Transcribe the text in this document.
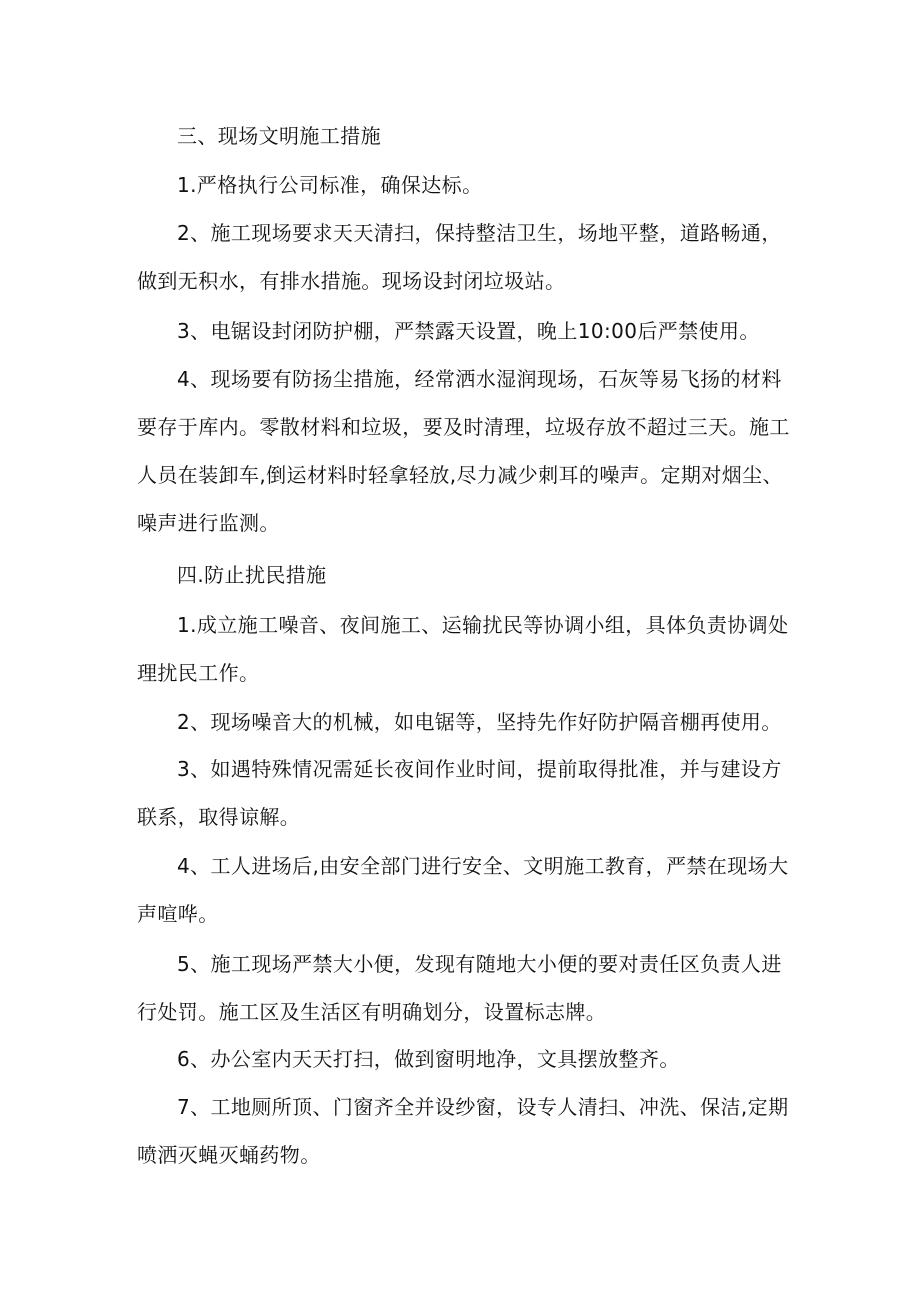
三、现场文明施工措施

1.严格执行公司标准，确保达标。

2、施工现场要求天天清扫，保持整洁卫生，场地平整，道路畅通，做到无积水，有排水措施。现场设封闭垃圾站。

3、电锯设封闭防护棚，严禁露天设置，晚上10:00后严禁使用。

4、现场要有防扬尘措施，经常洒水湿润现场，石灰等易飞扬的材料要存于库内。零散材料和垃圾，要及时清理，垃圾存放不超过三天。施工人员在装卸车,倒运材料时轻拿轻放,尽力减少刺耳的噪声。定期对烟尘、噪声进行监测。

四.防止扰民措施

1.成立施工噪音、夜间施工、运输扰民等协调小组，具体负责协调处理扰民工作。

2、现场噪音大的机械，如电锯等，坚持先作好防护隔音棚再使用。

3、如遇特殊情况需延长夜间作业时间，提前取得批准，并与建设方联系，取得谅解。

4、工人进场后,由安全部门进行安全、文明施工教育，严禁在现场大声喧哗。

5、施工现场严禁大小便，发现有随地大小便的要对责任区负责人进行处罚。施工区及生活区有明确划分，设置标志牌。

6、办公室内天天打扫，做到窗明地净，文具摆放整齐。

7、工地厕所顶、门窗齐全并设纱窗，设专人清扫、冲洗、保洁,定期喷洒灭蝇灭蛹药物。
